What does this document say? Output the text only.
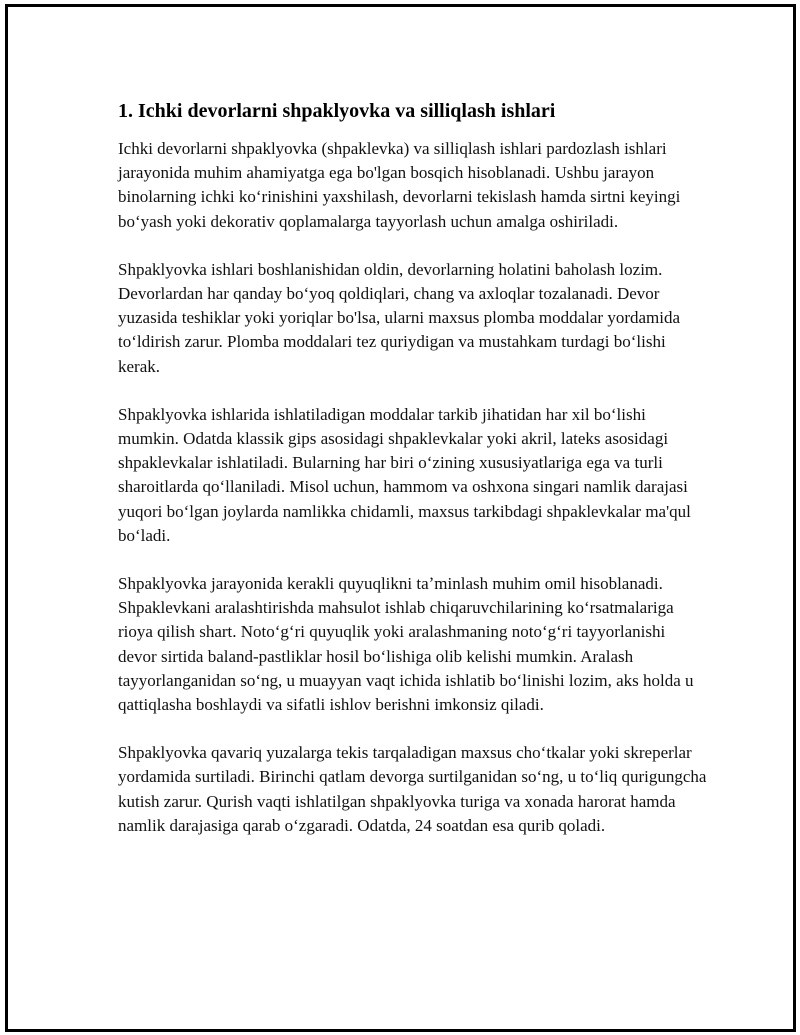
1. Ichki devorlarni shpaklyovka va silliqlash ishlari

Ichki devorlarni shpaklyovka (shpaklevka) va silliqlash ishlari pardozlash ishlari jarayonida muhim ahamiyatga ega bo'lgan bosqich hisoblanadi. Ushbu jarayon binolarning ichki koʻrinishini yaxshilash, devorlarni tekislash hamda sirtni keyingi boʻyash yoki dekorativ qoplamalarga tayyorlash uchun amalga oshiriladi.

Shpaklyovka ishlari boshlanishidan oldin, devorlarning holatini baholash lozim. Devorlardan har qanday boʻyoq qoldiqlari, chang va axloqlar tozalanadi. Devor yuzasida teshiklar yoki yoriqlar bo'lsa, ularni maxsus plomba moddalar yordamida toʻldirish zarur. Plomba moddalari tez quriydigan va mustahkam turdagi boʻlishi kerak.

Shpaklyovka ishlarida ishlatiladigan moddalar tarkib jihatidan har xil boʻlishi mumkin. Odatda klassik gips asosidagi shpaklevkalar yoki akril, lateks asosidagi shpaklevkalar ishlatiladi. Bularning har biri oʻzining xususiyatlariga ega va turli sharoitlarda qoʻllaniladi. Misol uchun, hammom va oshxona singari namlik darajasi yuqori boʻlgan joylarda namlikka chidamli, maxsus tarkibdagi shpaklevkalar ma'qul boʻladi.

Shpaklyovka jarayonida kerakli quyuqlikni taʼminlash muhim omil hisoblanadi. Shpaklevkani aralashtirishda mahsulot ishlab chiqaruvchilarining koʻrsatmalariga rioya qilish shart. Notoʻgʻri quyuqlik yoki aralashmaning notoʻgʻri tayyorlanishi devor sirtida baland-pastliklar hosil boʻlishiga olib kelishi mumkin. Aralash tayyorlanganidan soʻng, u muayyan vaqt ichida ishlatib boʻlinishi lozim, aks holda u qattiqlasha boshlaydi va sifatli ishlov berishni imkonsiz qiladi.

Shpaklyovka qavariq yuzalarga tekis tarqaladigan maxsus choʻtkalar yoki skreperlar yordamida surtiladi. Birinchi qatlam devorga surtilganidan soʻng, u toʻliq qurigungcha kutish zarur. Qurish vaqti ishlatilgan shpaklyovka turiga va xonada harorat hamda namlik darajasiga qarab oʻzgaradi. Odatda, 24 soatdan esa qurib qoladi.
